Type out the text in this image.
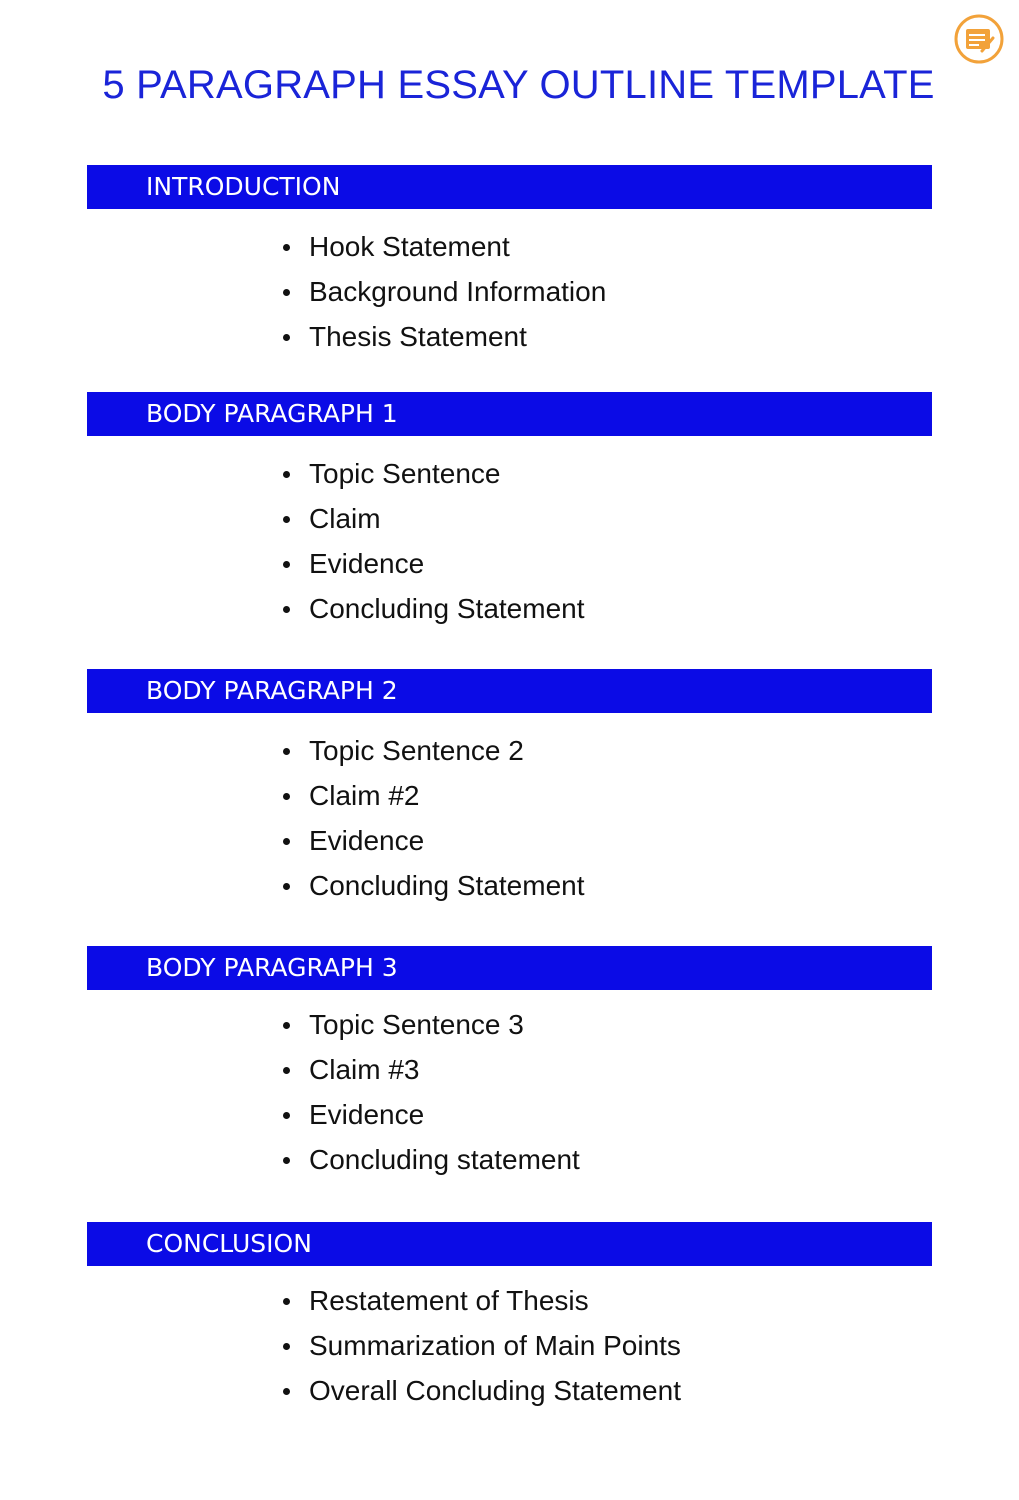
5 PARAGRAPH ESSAY OUTLINE TEMPLATE
INTRODUCTION
Hook Statement
Background Information
Thesis Statement
BODY PARAGRAPH 1
Topic Sentence
Claim
Evidence
Concluding Statement
BODY PARAGRAPH 2
Topic Sentence 2
Claim #2
Evidence
Concluding Statement
BODY PARAGRAPH 3
Topic Sentence 3
Claim #3
Evidence
Concluding statement
CONCLUSION
Restatement of Thesis
Summarization of Main Points
Overall Concluding Statement
